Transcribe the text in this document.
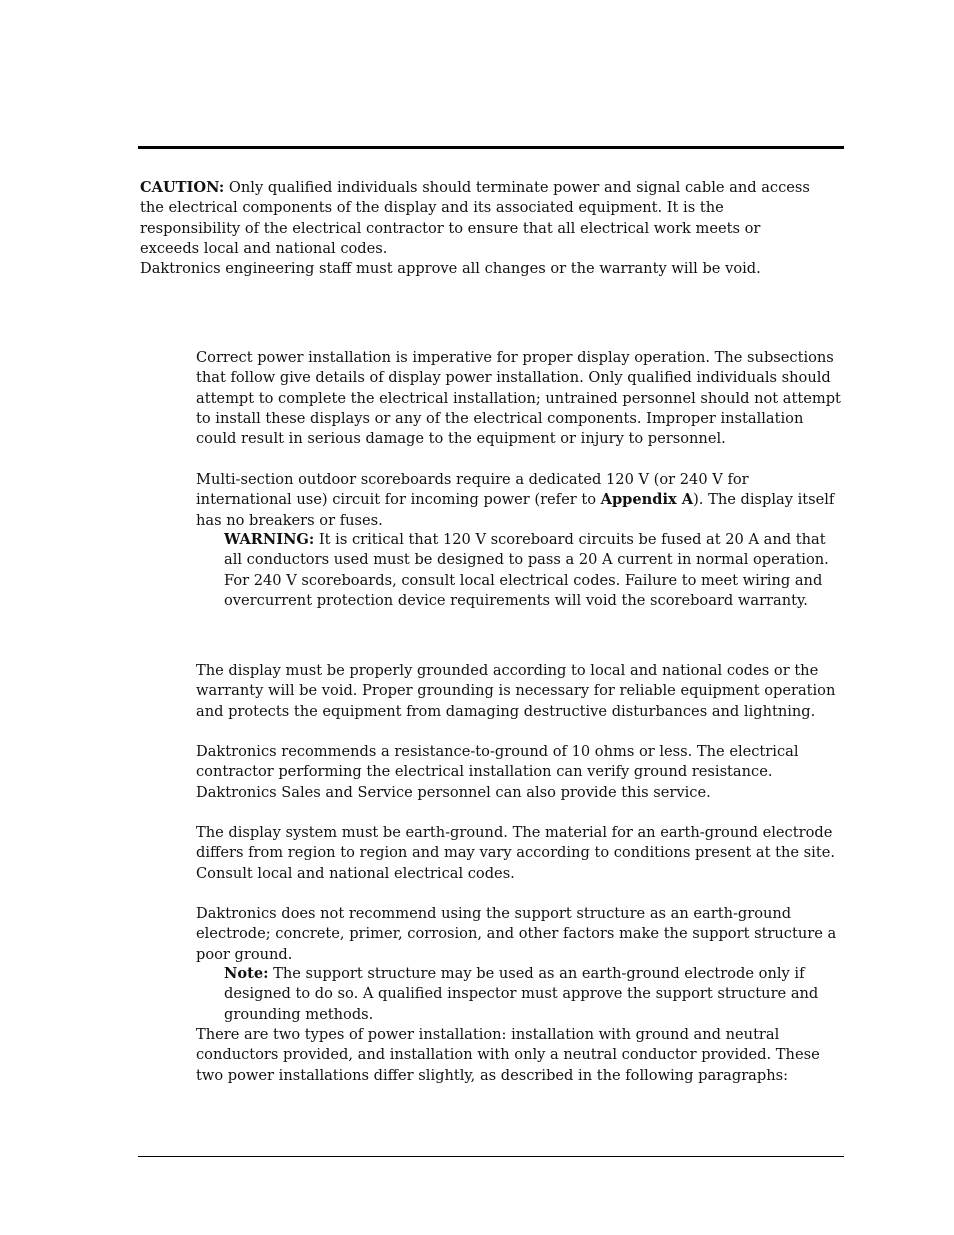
CAUTION: Only qualified individuals should terminate power and signal cable and access the electrical components of the display and its associated equipment. It is the responsibility of the electrical contractor to ensure that all electrical work meets or exceeds local and national codes.

Daktronics engineering staff must approve all changes or the warranty will be void.

Correct power installation is imperative for proper display operation. The subsections that follow give details of display power installation. Only qualified individuals should attempt to complete the electrical installation; untrained personnel should not attempt to install these displays or any of the electrical components. Improper installation could result in serious damage to the equipment or injury to personnel.

Multi-section outdoor scoreboards require a dedicated 120 V (or 240 V for international use) circuit for incoming power (refer to Appendix A). The display itself has no breakers or fuses.

WARNING: It is critical that 120 V scoreboard circuits be fused at 20 A and that all conductors used must be designed to pass a 20 A current in normal operation. For 240 V scoreboards, consult local electrical codes. Failure to meet wiring and overcurrent protection device requirements will void the scoreboard warranty.

The display must be properly grounded according to local and national codes or the warranty will be void. Proper grounding is necessary for reliable equipment operation and protects the equipment from damaging destructive disturbances and lightning.

Daktronics recommends a resistance-to-ground of 10 ohms or less. The electrical contractor performing the electrical installation can verify ground resistance. Daktronics Sales and Service personnel can also provide this service.

The display system must be earth-ground. The material for an earth-ground electrode differs from region to region and may vary according to conditions present at the site. Consult local and national electrical codes.

Daktronics does not recommend using the support structure as an earth-ground electrode; concrete, primer, corrosion, and other factors make the support structure a poor ground.

Note: The support structure may be used as an earth-ground electrode only if designed to do so. A qualified inspector must approve the support structure and grounding methods.

There are two types of power installation: installation with ground and neutral conductors provided, and installation with only a neutral conductor provided. These two power installations differ slightly, as described in the following paragraphs:
